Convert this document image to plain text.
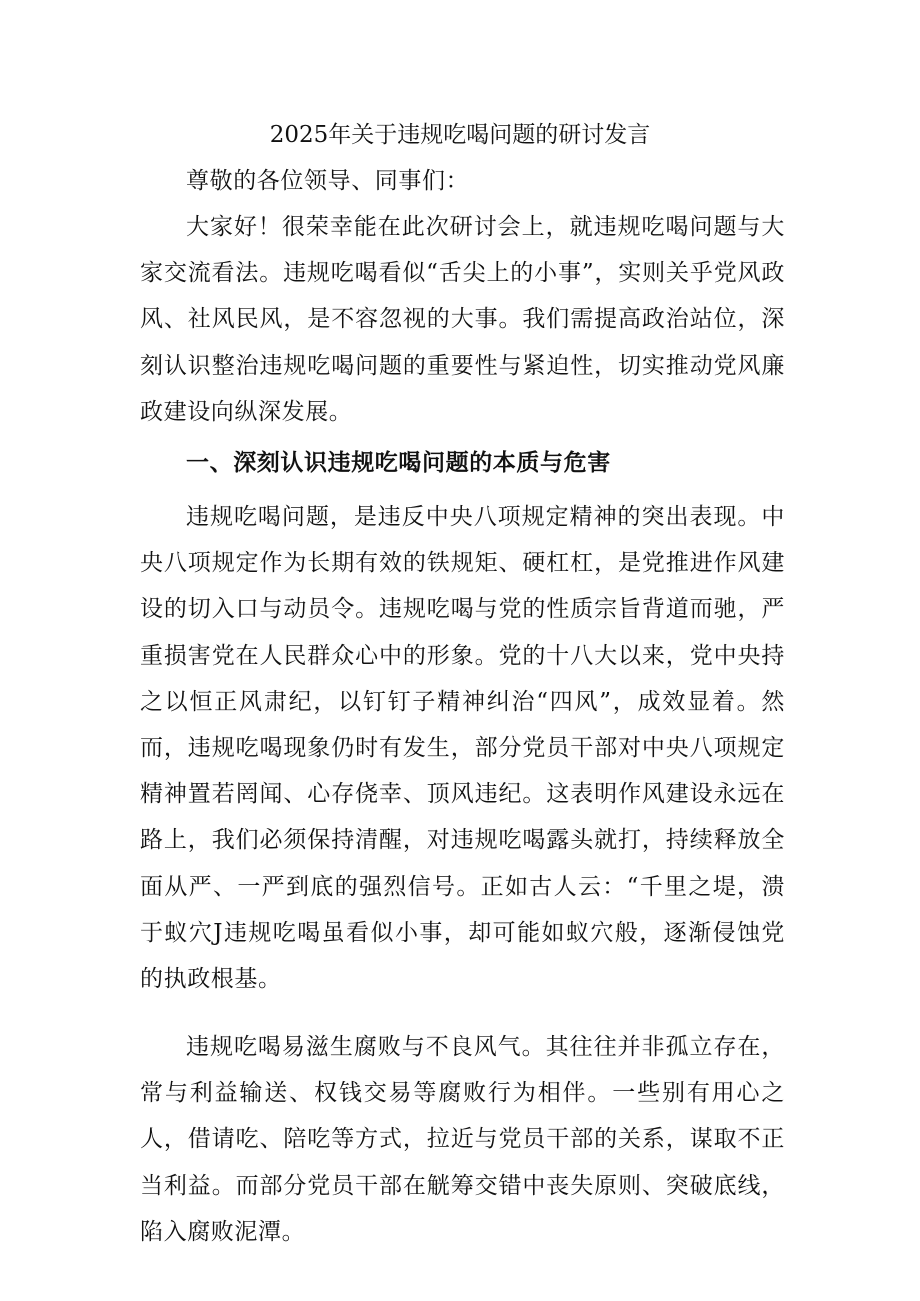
2025年关于违规吃喝问题的研讨发言

尊敬的各位领导、同事们：

大家好！很荣幸能在此次研讨会上，就违规吃喝问题与大家交流看法。违规吃喝看似“舌尖上的小事”，实则关乎党风政风、社风民风，是不容忽视的大事。我们需提高政治站位，深刻认识整治违规吃喝问题的重要性与紧迫性，切实推动党风廉政建设向纵深发展。

一、深刻认识违规吃喝问题的本质与危害

违规吃喝问题，是违反中央八项规定精神的突出表现。中央八项规定作为长期有效的铁规矩、硬杠杠，是党推进作风建设的切入口与动员令。违规吃喝与党的性质宗旨背道而驰，严重损害党在人民群众心中的形象。党的十八大以来，党中央持之以恒正风肃纪，以钉钉子精神纠治“四风”，成效显着。然而，违规吃喝现象仍时有发生，部分党员干部对中央八项规定精神置若罔闻、心存侥幸、顶风违纪。这表明作风建设永远在路上，我们必须保持清醒，对违规吃喝露头就打，持续释放全面从严、一严到底的强烈信号。正如古人云：“千里之堤，溃于蚁穴J违规吃喝虽看似小事，却可能如蚁穴般，逐渐侵蚀党的执政根基。

违规吃喝易滋生腐败与不良风气。其往往并非孤立存在，常与利益输送、权钱交易等腐败行为相伴。一些别有用心之人，借请吃、陪吃等方式，拉近与党员干部的关系，谋取不正当利益。而部分党员干部在觥筹交错中丧失原则、突破底线，陷入腐败泥潭。
